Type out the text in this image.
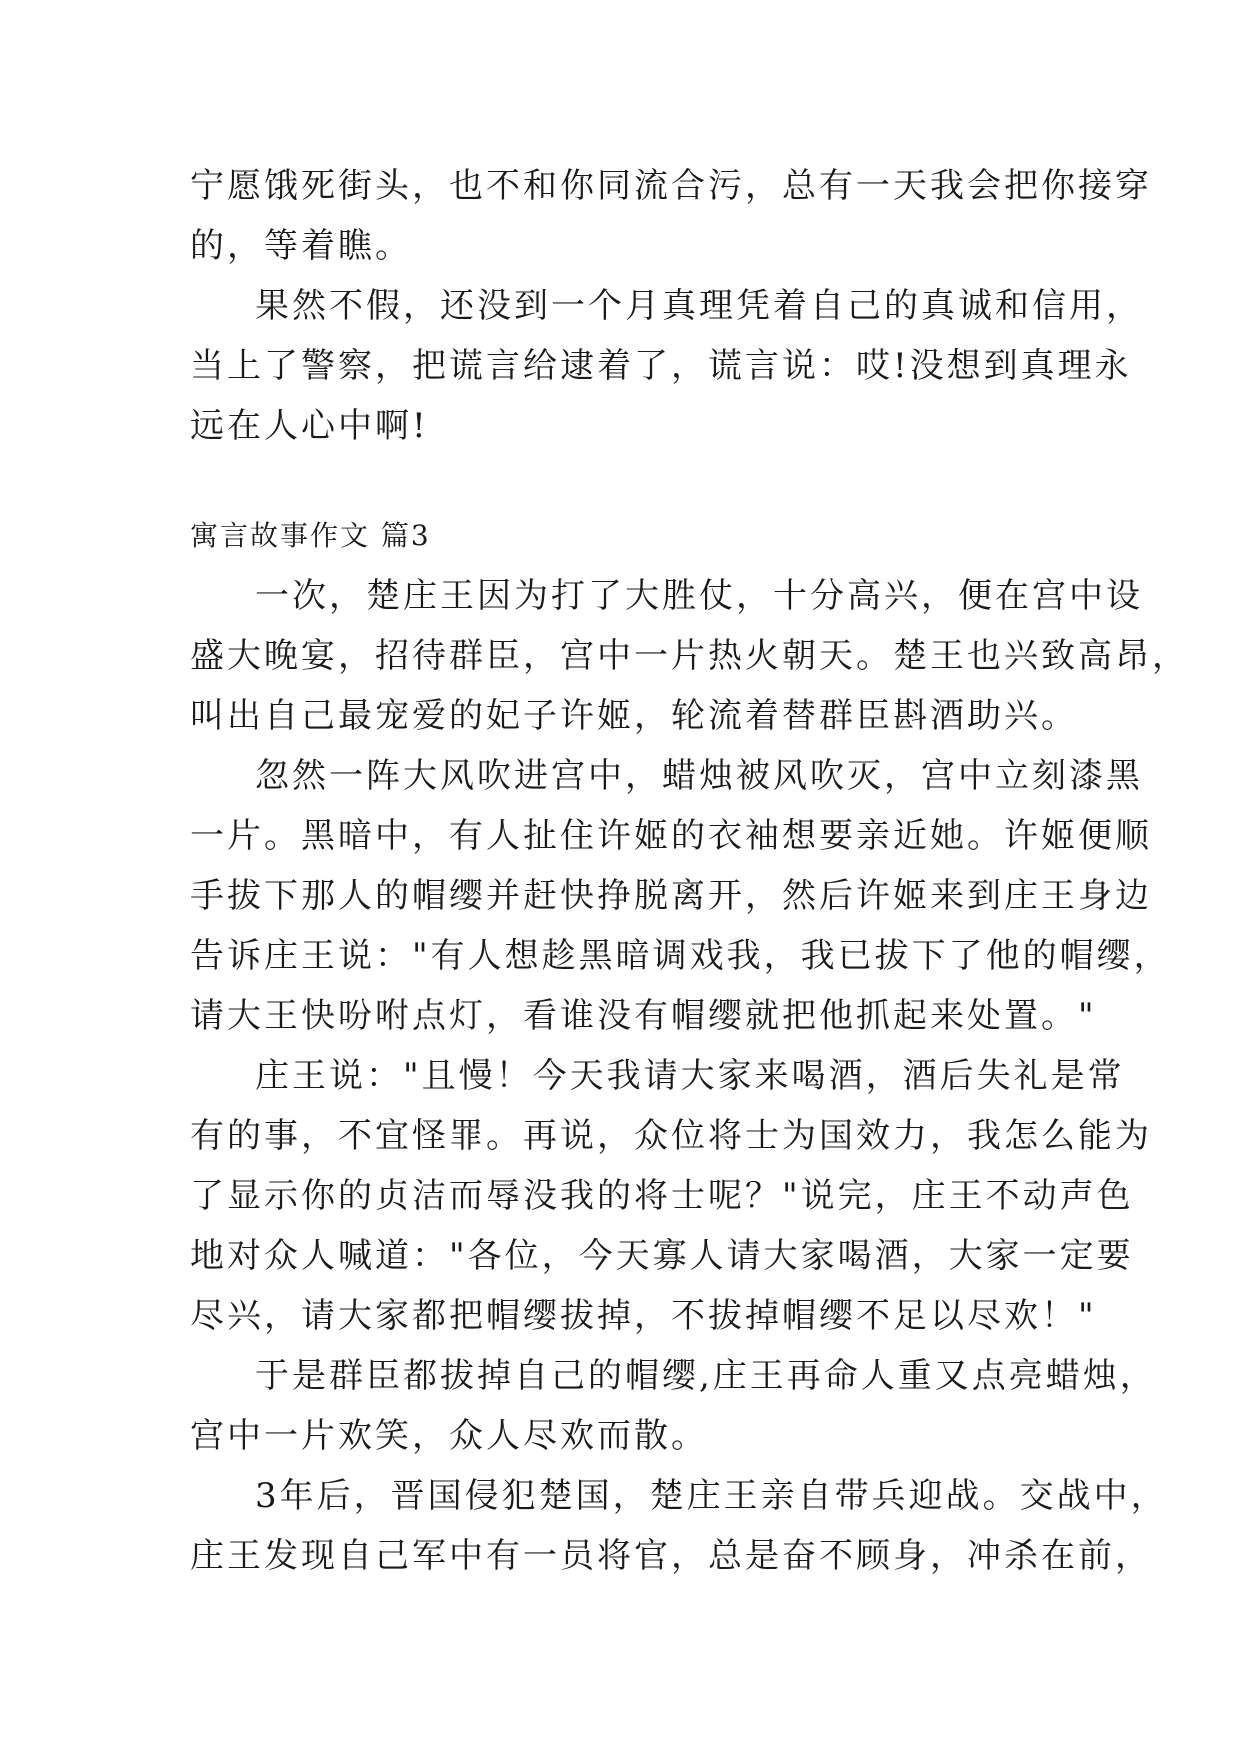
宁愿饿死街头，也不和你同流合污，总有一天我会把你接穿

的，等着瞧。

果然不假，还没到一个月真理凭着自己的真诚和信用，

当上了警察，把谎言给逮着了，谎言说：哎!没想到真理永

远在人心中啊!

寓言故事作文 篇3

一次，楚庄王因为打了大胜仗，十分高兴，便在宫中设

盛大晚宴，招待群臣，宫中一片热火朝天。楚王也兴致高昂，

叫出自己最宠爱的妃子许姬，轮流着替群臣斟酒助兴。

忽然一阵大风吹进宫中，蜡烛被风吹灭，宫中立刻漆黑

一片。黑暗中，有人扯住许姬的衣袖想要亲近她。许姬便顺

手拔下那人的帽缨并赶快挣脱离开，然后许姬来到庄王身边

告诉庄王说："有人想趁黑暗调戏我，我已拔下了他的帽缨，

请大王快吩咐点灯，看谁没有帽缨就把他抓起来处置。"

庄王说："且慢！今天我请大家来喝酒，酒后失礼是常

有的事，不宜怪罪。再说，众位将士为国效力，我怎么能为

了显示你的贞洁而辱没我的将士呢？"说完，庄王不动声色

地对众人喊道："各位，今天寡人请大家喝酒，大家一定要

尽兴，请大家都把帽缨拔掉，不拔掉帽缨不足以尽欢！"

于是群臣都拔掉自己的帽缨,庄王再命人重又点亮蜡烛，

宫中一片欢笑，众人尽欢而散。

3年后，晋国侵犯楚国，楚庄王亲自带兵迎战。交战中，

庄王发现自己军中有一员将官，总是奋不顾身，冲杀在前，
